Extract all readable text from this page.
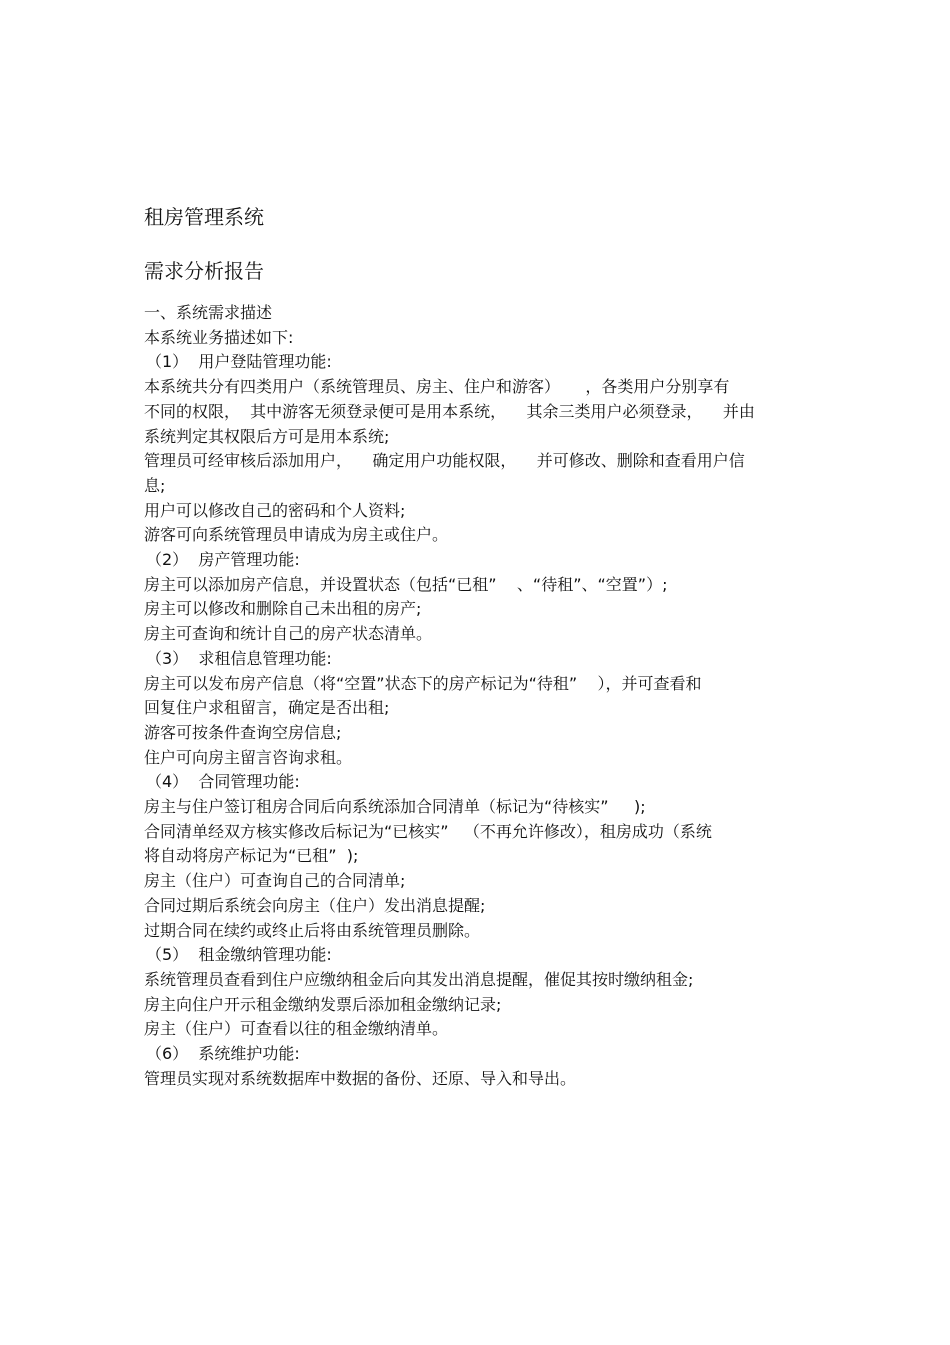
租房管理系统
需求分析报告

一、系统需求描述

本系统业务描述如下:

（1）  用户登陆管理功能:

本系统共分有四类用户（系统管理员、房主、住户和游客）     ，各类用户分别享有

不同的权限，  其中游客无须登录便可是用本系统，    其余三类用户必须登录，    并由

系统判定其权限后方可是用本系统;

管理员可经审核后添加用户，    确定用户功能权限，    并可修改、删除和查看用户信

息;

用户可以修改自己的密码和个人资料;

游客可向系统管理员申请成为房主或住户。

（2）  房产管理功能:

房主可以添加房产信息，并设置状态（包括“已租”    、“待租”、“空置”）;

房主可以修改和删除自己未出租的房产;

房主可查询和统计自己的房产状态清单。

（3）  求租信息管理功能:

房主可以发布房产信息（将“空置”状态下的房产标记为“待租”    ），并可查看和

回复住户求租留言，确定是否出租;

游客可按条件查询空房信息;

住户可向房主留言咨询求租。

（4）  合同管理功能:

房主与住户签订租房合同后向系统添加合同清单（标记为“待核实”     );

合同清单经双方核实修改后标记为“已核实”   （不再允许修改），租房成功（系统

将自动将房产标记为“已租”  );

房主（住户）可查询自己的合同清单;

合同过期后系统会向房主（住户）发出消息提醒;

过期合同在续约或终止后将由系统管理员删除。

（5）  租金缴纳管理功能:

系统管理员查看到住户应缴纳租金后向其发出消息提醒，催促其按时缴纳租金;

房主向住户开示租金缴纳发票后添加租金缴纳记录;

房主（住户）可查看以往的租金缴纳清单。

（6）  系统维护功能:

管理员实现对系统数据库中数据的备份、还原、导入和导出。
